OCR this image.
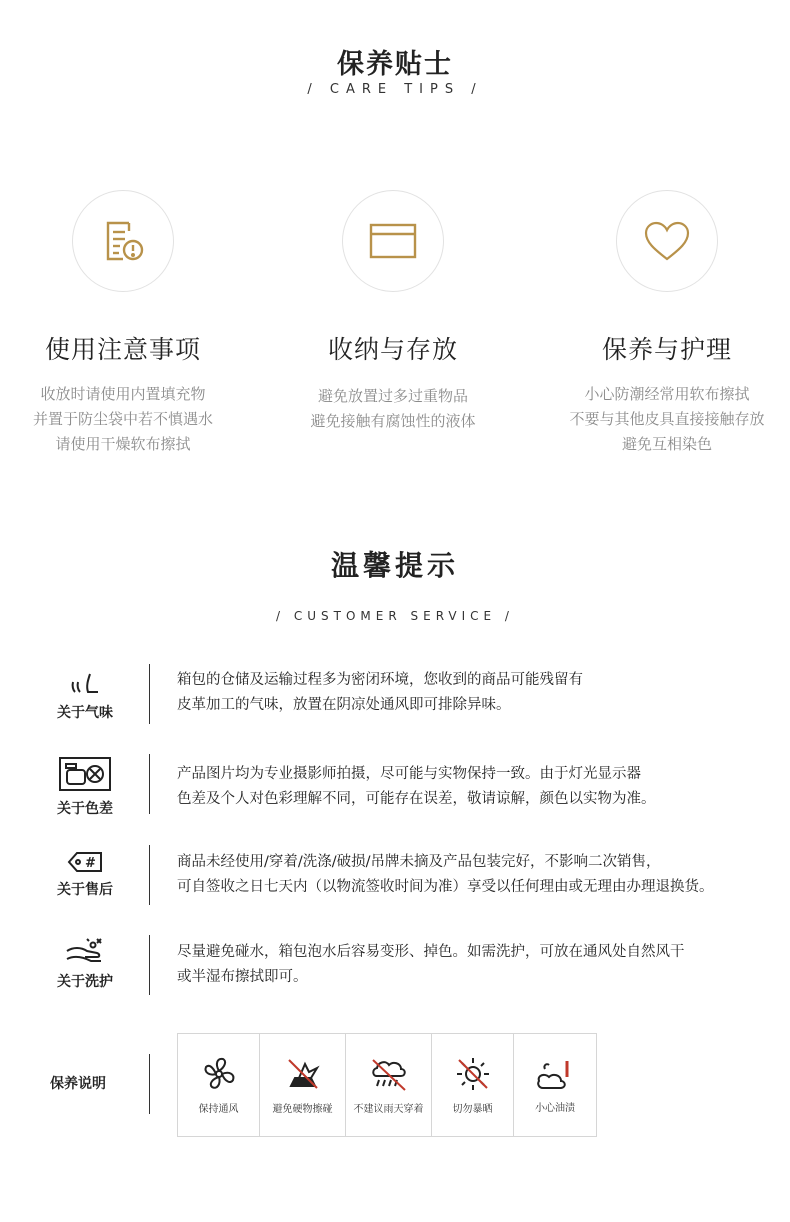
保养贴士
/ CARE TIPS /
使用注意事项
收放时请使用内置填充物
并置于防尘袋中若不慎遇水
请使用干燥软布擦拭
收纳与存放
避免放置过多过重物品
避免接触有腐蚀性的液体
保养与护理
小心防潮经常用软布擦拭
不要与其他皮具直接接触存放
避免互相染色
温馨提示
/ CUSTOMER SERVICE /
关于气味
箱包的仓储及运输过程多为密闭环境，您收到的商品可能残留有
皮革加工的气味，放置在阴凉处通风即可排除异味。
关于色差
产品图片均为专业摄影师拍摄，尽可能与实物保持一致。由于灯光显示器
色差及个人对色彩理解不同，可能存在误差，敬请谅解，颜色以实物为准。
#
关于售后
商品未经使用/穿着/洗涤/破损/吊牌未摘及产品包装完好，不影响二次销售，
可自签收之日七天内（以物流签收时间为准）享受以任何理由或无理由办理退换货。
关于洗护
尽量避免碰水，箱包泡水后容易变形、掉色。如需洗护，可放在通风处自然风干
或半湿布擦拭即可。
保养说明
保持通风	避免硬物擦碰 不建议雨天穿着	切勿暴晒	小心油渍
